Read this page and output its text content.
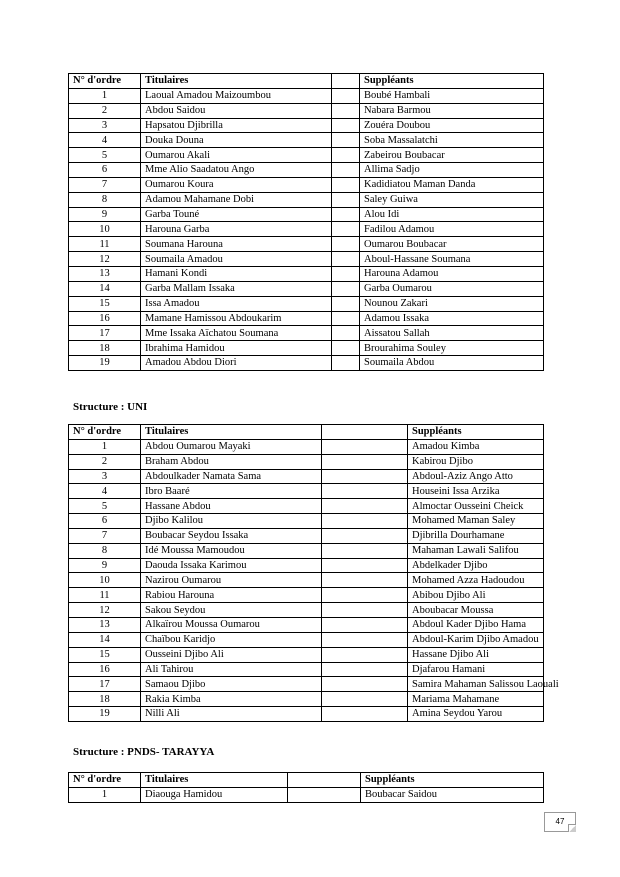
N° d'ordre	Titulaires		Suppléants
1	Laoual Amadou Maizoumbou		Boubé Hambali
2	Abdou Saidou		Nabara Barmou
3	Hapsatou Djibrilla		Zouéra Doubou
4	Douka Douna		Soba Massalatchi
5	Oumarou Akali		Zabeirou Boubacar
6	Mme Alio Saadatou Ango		Allima Sadjo
7	Oumarou Koura		Kadidiatou Maman Danda
8	Adamou Mahamane Dobi		Saley Guiwa
9	Garba Touné		Alou Idi
10	Harouna Garba		Fadilou Adamou
11	Soumana Harouna		Oumarou Boubacar
12	Soumaila Amadou		Aboul-Hassane Soumana
13	Hamani Kondi		Harouna Adamou
14	Garba Mallam Issaka		Garba Oumarou
15	Issa Amadou		Nounou Zakari
16	Mamane Hamissou Abdoukarim		Adamou Issaka
17	Mme Issaka Aïchatou Soumana		Aissatou Sallah
18	Ibrahima Hamidou		Brourahima Souley
19	Amadou Abdou Diori		Soumaila Abdou
Structure : UNI
N° d'ordre	Titulaires		Suppléants
1	Abdou Oumarou Mayaki		Amadou Kimba
2	Braham Abdou		Kabirou Djibo
3	Abdoulkader Namata Sama		Abdoul-Aziz Ango Atto
4	Ibro Baaré		Houseini Issa Arzika
5	Hassane Abdou		Almoctar Ousseini Cheick
6	Djibo Kalilou		Mohamed Maman Saley
7	Boubacar Seydou Issaka		Djibrilla Dourhamane
8	Idé Moussa Mamoudou		Mahaman Lawali Salifou
9	Daouda Issaka Karimou		Abdelkader Djibo
10	Nazirou Oumarou		Mohamed Azza Hadoudou
11	Rabiou Harouna		Abibou Djibo Ali
12	Sakou Seydou		Aboubacar Moussa
13	Alkaïrou Moussa Oumarou		Abdoul Kader Djibo Hama
14	Chaïbou Karidjo		Abdoul-Karim Djibo Amadou
15	Ousseini Djibo Ali		Hassane Djibo Ali
16	Ali Tahirou		Djafarou Hamani
17	Samaou Djibo		Samira Mahaman Salissou Laouali
18	Rakia Kimba		Mariama Mahamane
19	Nilli Ali		Amina Seydou Yarou
Structure : PNDS- TARAYYA
N° d'ordre	Titulaires		Suppléants
1	Diaouga Hamidou		Boubacar Saidou
47
